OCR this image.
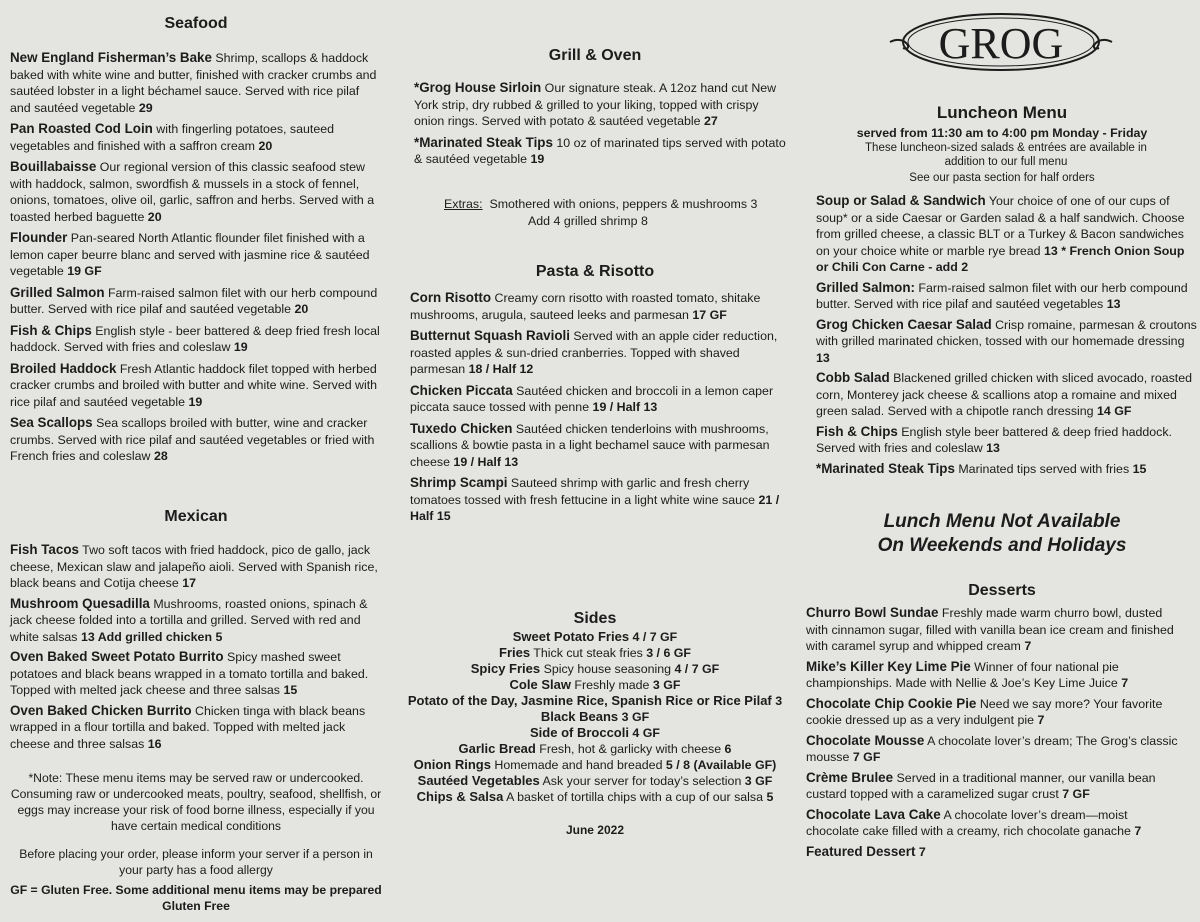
Seafood

New England Fisherman’s Bake Shrimp, scallops & haddock baked with white wine and butter, finished with cracker crumbs and sautéed lobster in a light béchamel sauce. Served with rice pilaf and sautéed vegetable 29

Pan Roasted Cod Loin with fingerling potatoes, sauteed vegetables and finished with a saffron cream 20

Bouillabaisse Our regional version of this classic seafood stew with haddock, salmon, swordfish & mussels in a stock of fennel, onions, tomatoes, olive oil, garlic, saffron and herbs. Served with a toasted herbed baguette 20

Flounder Pan-seared North Atlantic flounder filet finished with a lemon caper beurre blanc and served with jasmine rice & sautéed vegetable 19 GF

Grilled Salmon Farm-raised salmon filet with our herb compound butter. Served with rice pilaf and sautéed vegetable 20

Fish & Chips English style - beer battered & deep fried fresh local haddock. Served with fries and coleslaw 19

Broiled Haddock Fresh Atlantic haddock filet topped with herbed cracker crumbs and broiled with butter and white wine. Served with rice pilaf and sautéed vegetable 19

Sea Scallops Sea scallops broiled with butter, wine and cracker crumbs. Served with rice pilaf and sautéed vegetables or fried with French fries and coleslaw 28

Mexican

Fish Tacos Two soft tacos with fried haddock, pico de gallo, jack cheese, Mexican slaw and jalapeño aioli. Served with Spanish rice, black beans and Cotija cheese 17

Mushroom Quesadilla Mushrooms, roasted onions, spinach & jack cheese folded into a tortilla and grilled. Served with red and white salsas 13 Add grilled chicken 5

Oven Baked Sweet Potato Burrito Spicy mashed sweet potatoes and black beans wrapped in a tomato tortilla and baked. Topped with melted jack cheese and three salsas 15

Oven Baked Chicken Burrito Chicken tinga with black beans wrapped in a flour tortilla and baked. Topped with melted jack cheese and three salsas 16

*Note: These menu items may be served raw or undercooked. Consuming raw or undercooked meats, poultry, seafood, shellfish, or eggs may increase your risk of food borne illness, especially if you have certain medical conditions
Before placing your order, please inform your server if a person in your party has a food allergy
GF = Gluten Free. Some additional menu items may be prepared Gluten Free
Grill & Oven

*Grog House Sirloin Our signature steak. A 12oz hand cut New York strip, dry rubbed & grilled to your liking, topped with crispy onion rings. Served with potato & sautéed vegetable 27

*Marinated Steak Tips 10 oz of marinated tips served with potato & sautéed vegetable 19

Extras: Smothered with onions, peppers & mushrooms 3
Add 4 grilled shrimp 8
Pasta & Risotto

Corn Risotto Creamy corn risotto with roasted tomato, shitake mushrooms, arugula, sauteed leeks and parmesan 17 GF

Butternut Squash Ravioli Served with an apple cider reduction, roasted apples & sun-dried cranberries. Topped with shaved parmesan 18 / Half 12

Chicken Piccata Sautéed chicken and broccoli in a lemon caper piccata sauce tossed with penne 19 / Half 13

Tuxedo Chicken Sautéed chicken tenderloins with mushrooms, scallions & bowtie pasta in a light bechamel sauce with parmesan cheese 19 / Half 13

Shrimp Scampi Sauteed shrimp with garlic and fresh cherry tomatoes tossed with fresh fettucine in a light white wine sauce 21 / Half 15

Sides
Sweet Potato Fries 4 / 7 GF
Fries Thick cut steak fries 3 / 6 GF
Spicy Fries Spicy house seasoning 4 / 7 GF
Cole Slaw Freshly made 3 GF
Potato of the Day, Jasmine Rice, Spanish Rice or Rice Pilaf 3
Black Beans 3 GF
Side of Broccoli 4 GF
Garlic Bread Fresh, hot & garlicky with cheese 6
Onion Rings Homemade and hand breaded 5 / 8 (Available GF)
Sautéed Vegetables Ask your server for today’s selection 3 GF
Chips & Salsa A basket of tortilla chips with a cup of our salsa 5
June 2022
GROG
Luncheon Menu
served from 11:30 am to 4:00 pm Monday - Friday
These luncheon-sized salads & entrées are available in addition to our full menu
See our pasta section for half orders

Soup or Salad & Sandwich Your choice of one of our cups of soup* or a side Caesar or Garden salad & a half sandwich. Choose from grilled cheese, a classic BLT or a Turkey & Bacon sandwiches on your choice white or marble rye bread 13 * French Onion Soup or Chili Con Carne - add 2

Grilled Salmon: Farm-raised salmon filet with our herb compound butter. Served with rice pilaf and sautéed vegetables 13

Grog Chicken Caesar Salad Crisp romaine, parmesan & croutons with grilled marinated chicken, tossed with our homemade dressing 13

Cobb Salad Blackened grilled chicken with sliced avocado, roasted corn, Monterey jack cheese & scallions atop a romaine and mixed green salad. Served with a chipotle ranch dressing 14 GF

Fish & Chips English style beer battered & deep fried haddock. Served with fries and coleslaw 13

*Marinated Steak Tips Marinated tips served with fries 15

Lunch Menu Not Available
On Weekends and Holidays
Desserts

Churro Bowl Sundae Freshly made warm churro bowl, dusted with cinnamon sugar, filled with vanilla bean ice cream and finished with caramel syrup and whipped cream 7

Mike’s Killer Key Lime Pie Winner of four national pie championships. Made with Nellie & Joe’s Key Lime Juice 7

Chocolate Chip Cookie Pie Need we say more? Your favorite cookie dressed up as a very indulgent pie 7

Chocolate Mousse A chocolate lover’s dream; The Grog’s classic mousse 7 GF

Crème Brulee Served in a traditional manner, our vanilla bean custard topped with a caramelized sugar crust 7 GF

Chocolate Lava Cake A chocolate lover’s dream—moist chocolate cake filled with a creamy, rich chocolate ganache 7

Featured Dessert 7
